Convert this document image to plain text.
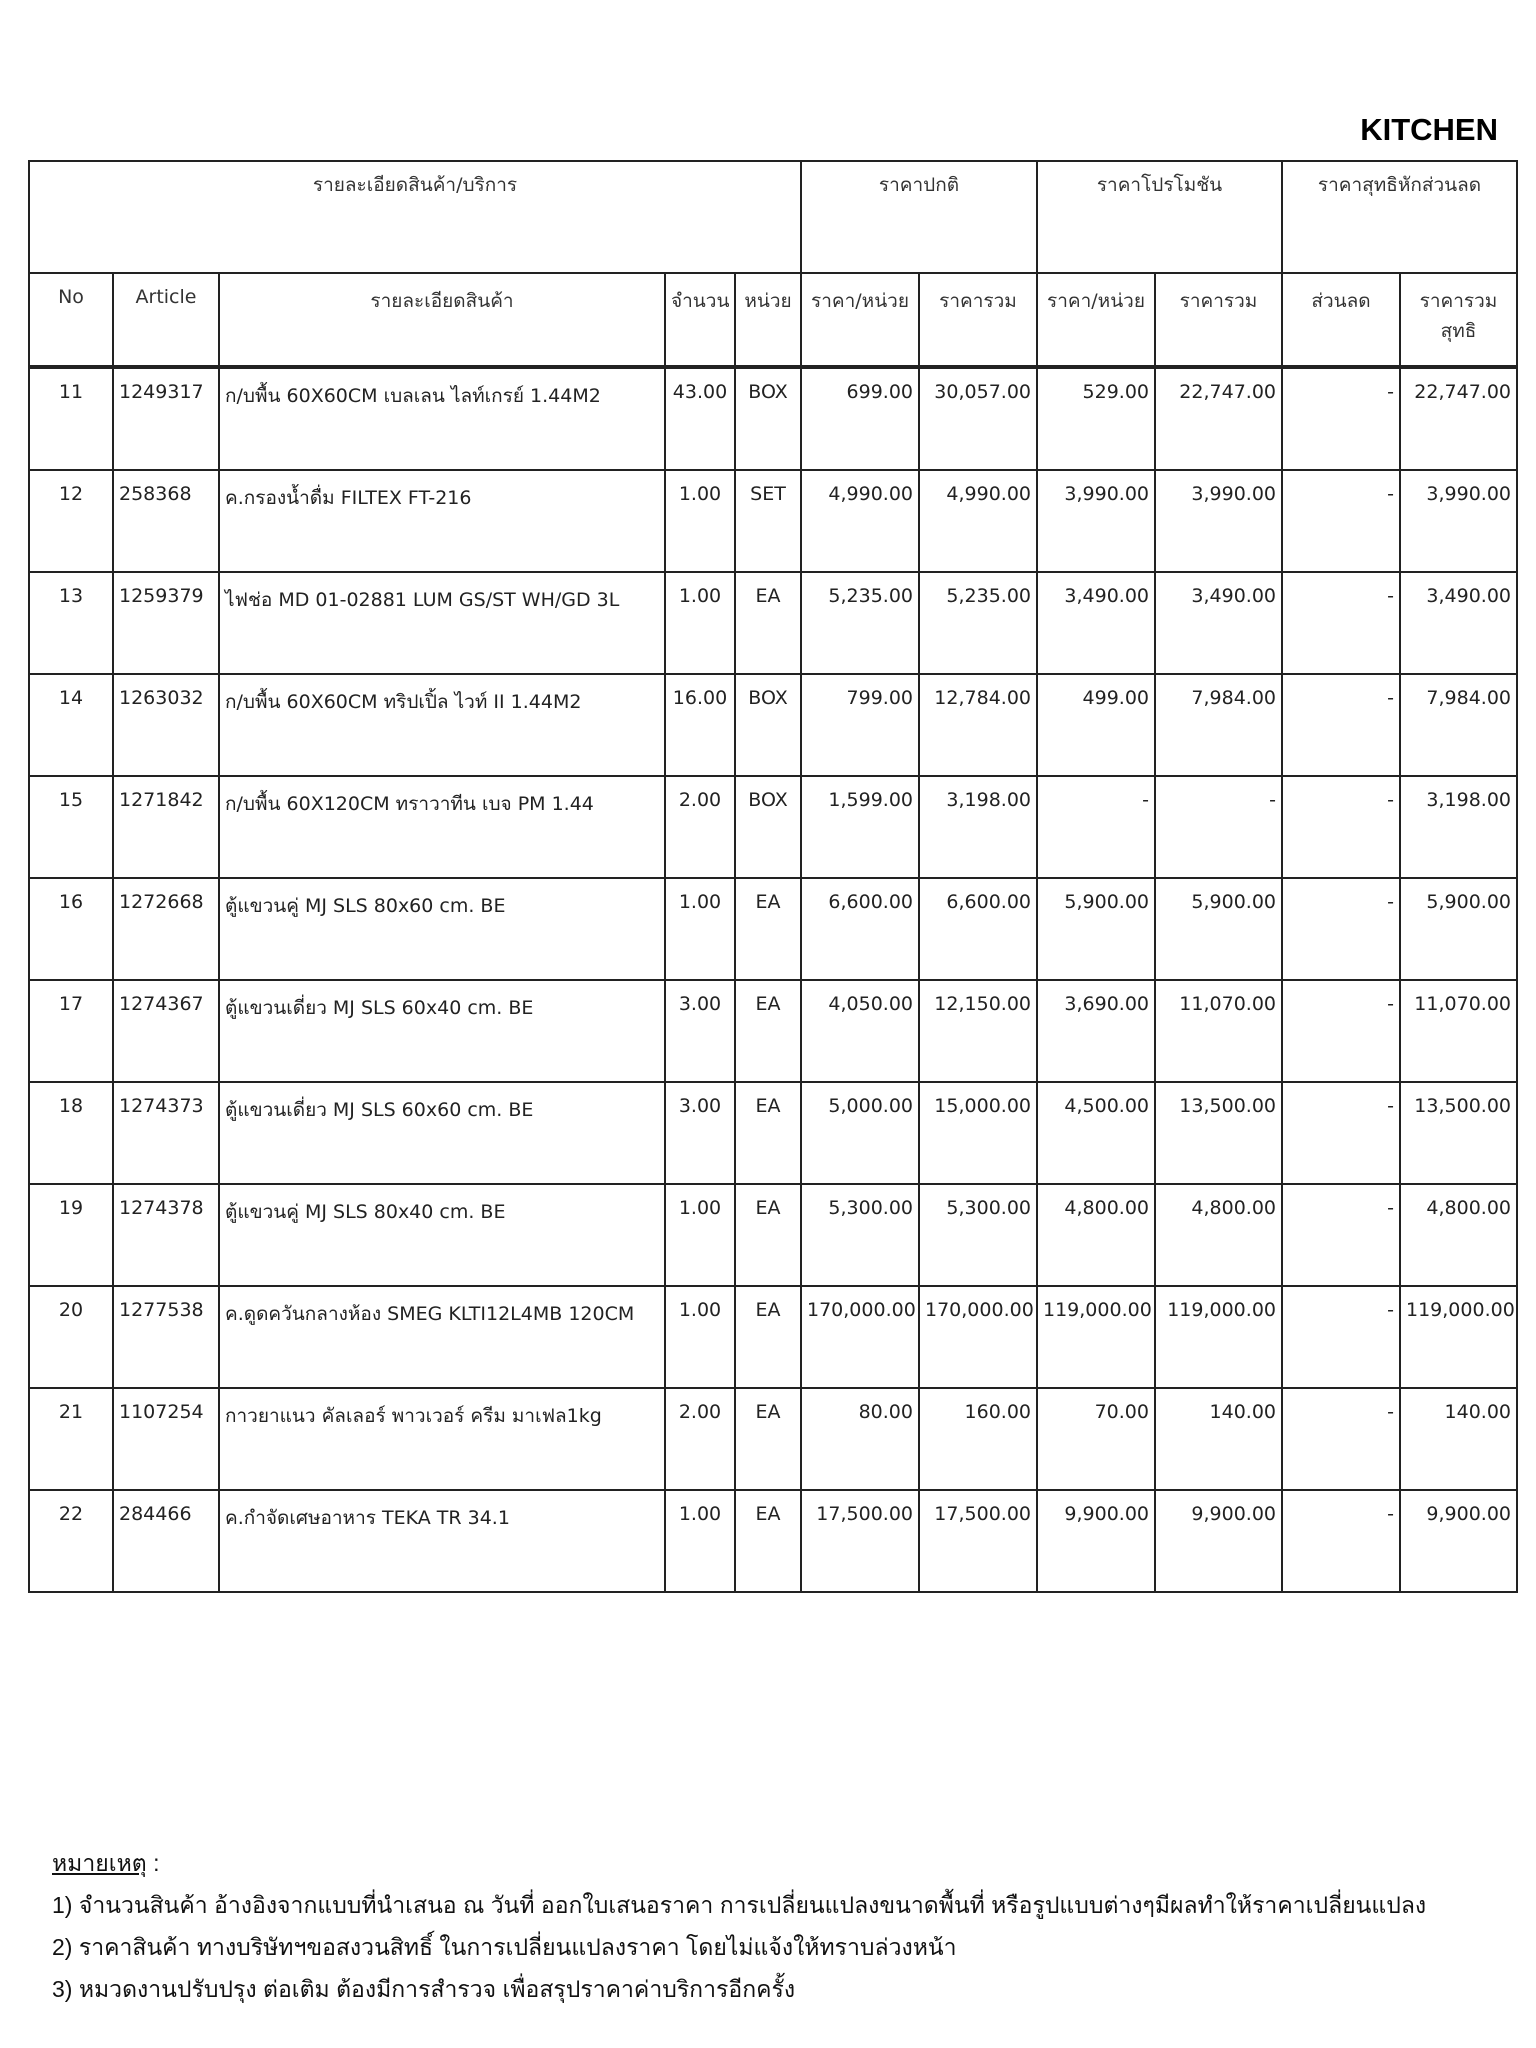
KITCHEN
รายละเอียดสินค้า/บริการ					ราคาปกติ		ราคาโปรโมชัน		ราคาสุทธิหักส่วนลด	
No	Article	รายละเอียดสินค้า	จำนวน	หน่วย	ราคา/หน่วย	ราคารวม	ราคา/หน่วย	ราคารวม	ส่วนลด	ราคารวมสุทธิ

11	1249317	ก/บพื้น 60X60CM เบลเลน ไลท์เกรย์ 1.44M2	43.00	BOX	699.00	30,057.00	529.00	22,747.00	-	22,747.00
12	258368	ค.กรองน้ำดื่ม FILTEX FT-216	1.00	SET	4,990.00	4,990.00	3,990.00	3,990.00	-	3,990.00
13	1259379	ไฟช่อ MD 01-02881 LUM GS/ST WH/GD 3L	1.00	EA	5,235.00	5,235.00	3,490.00	3,490.00	-	3,490.00
14	1263032	ก/บพื้น 60X60CM ทริปเปิ้ล ไวท์ II 1.44M2	16.00	BOX	799.00	12,784.00	499.00	7,984.00	-	7,984.00
15	1271842	ก/บพื้น 60X120CM ทราวาทีน เบจ PM 1.44	2.00	BOX	1,599.00	3,198.00	-	-	-	3,198.00
16	1272668	ตู้แขวนคู่ MJ SLS 80x60 cm. BE	1.00	EA	6,600.00	6,600.00	5,900.00	5,900.00	-	5,900.00
17	1274367	ตู้แขวนเดี่ยว MJ SLS 60x40 cm. BE	3.00	EA	4,050.00	12,150.00	3,690.00	11,070.00	-	11,070.00
18	1274373	ตู้แขวนเดี่ยว MJ SLS 60x60 cm. BE	3.00	EA	5,000.00	15,000.00	4,500.00	13,500.00	-	13,500.00
19	1274378	ตู้แขวนคู่ MJ SLS 80x40 cm. BE	1.00	EA	5,300.00	5,300.00	4,800.00	4,800.00	-	4,800.00
20	1277538	ค.ดูดควันกลางห้อง SMEG KLTI12L4MB 120CM	1.00	EA	170,000.00	170,000.00	119,000.00	119,000.00	-	119,000.00
21	1107254	กาวยาแนว คัลเลอร์ พาวเวอร์ ครีม มาเฟล1kg	2.00	EA	80.00	160.00	70.00	140.00	-	140.00
22	284466	ค.กำจัดเศษอาหาร TEKA TR 34.1	1.00	EA	17,500.00	17,500.00	9,900.00	9,900.00	-	9,900.00
หมายเหตุ :
1) จำนวนสินค้า อ้างอิงจากแบบที่นำเสนอ ณ วันที่ ออกใบเสนอราคา การเปลี่ยนแปลงขนาดพื้นที่ หรือรูปแบบต่างๆมีผลทำให้ราคาเปลี่ยนแปลง
2) ราคาสินค้า ทางบริษัทฯขอสงวนสิทธิ์ ในการเปลี่ยนแปลงราคา โดยไม่แจ้งให้ทราบล่วงหน้า
3) หมวดงานปรับปรุง ต่อเติม ต้องมีการสำรวจ เพื่อสรุปราคาค่าบริการอีกครั้ง
